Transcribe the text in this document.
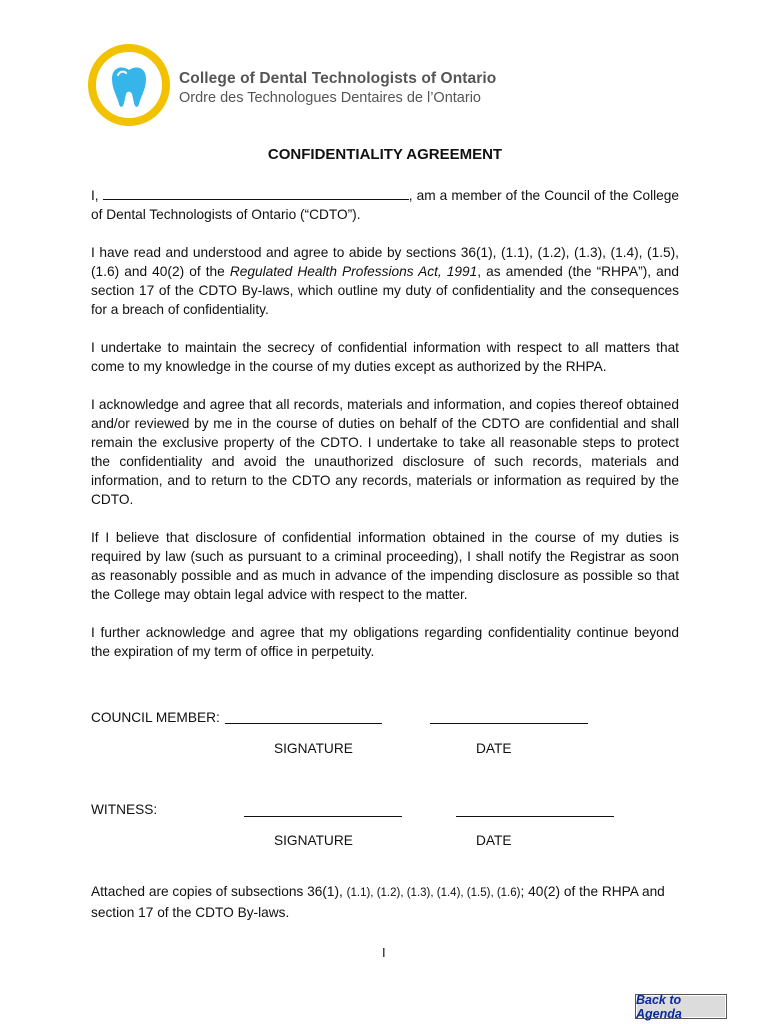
College of Dental Technologists of Ontario
Ordre des Technologues Dentaires de l’Ontario
CONFIDENTIALITY AGREEMENT

I,	, am a member of the Council of the College of Dental Technologists of Ontario (“CDTO”).

I have read and understood and agree to abide by sections 36(1), (1.1), (1.2), (1.3), (1.4), (1.5), (1.6) and 40(2) of the Regulated Health Professions Act, 1991, as amended (the “RHPA”), and section 17 of the CDTO By-laws, which outline my duty of confidentiality and the consequences for a breach of confidentiality.

I undertake to maintain the secrecy of confidential information with respect to all matters that come to my knowledge in the course of my duties except as authorized by the RHPA.

I acknowledge and agree that all records, materials and information, and copies thereof obtained and/or reviewed by me in the course of duties on behalf of the CDTO are confidential and shall remain the exclusive property of the CDTO. I undertake to take all reasonable steps to protect the confidentiality and avoid the unauthorized disclosure of such records, materials and information, and to return to the CDTO any records, materials or information as required by the CDTO.

If I believe that disclosure of confidential information obtained in the course of my duties is required by law (such as pursuant to a criminal proceeding), I shall notify the Registrar as soon as reasonably possible and as much in advance of the impending disclosure as possible so that the College may obtain legal advice with respect to the matter.

I further acknowledge and agree that my obligations regarding confidentiality continue beyond the expiration of my term of office in perpetuity.

COUNCIL MEMBER:
SIGNATURE	DATE
WITNESS:
SIGNATURE	DATE
Attached are copies of subsections 36(1), (1.1), (1.2), (1.3), (1.4), (1.5), (1.6); 40(2) of the RHPA and section 17 of the CDTO By-laws.
I
Back to Agenda
